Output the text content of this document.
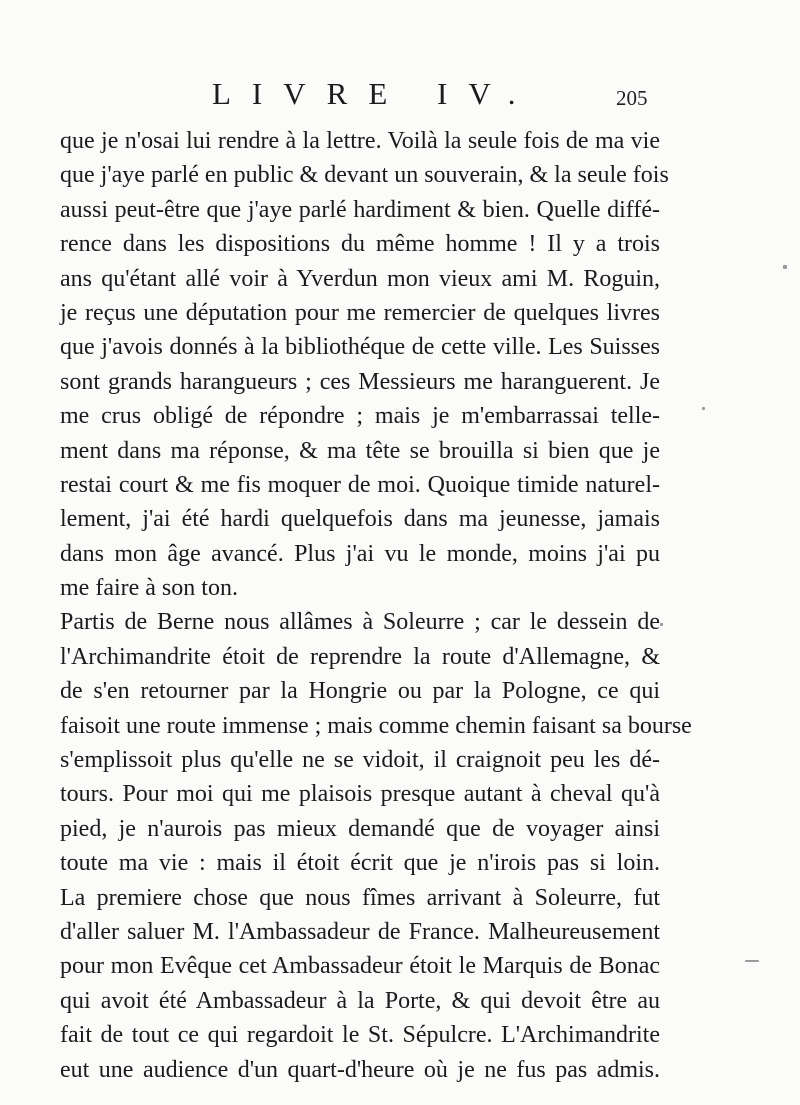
LIVRE IV.	205
que je n'osai lui rendre à la lettre. Voilà la seule fois de ma vie
que j'aye parlé en public & devant un souverain, & la seule fois
aussi peut-être que j'aye parlé hardiment & bien. Quelle diffé-
rence dans les dispositions du même homme ! Il y a trois
ans qu'étant allé voir à Yverdun mon vieux ami M. Roguin,
je reçus une députation pour me remercier de quelques livres
que j'avois donnés à la bibliothéque de cette ville. Les Suisses
sont grands harangueurs ; ces Messieurs me haranguerent. Je
me crus obligé de répondre ; mais je m'embarrassai telle-
ment dans ma réponse, & ma tête se brouilla si bien que je
restai court & me fis moquer de moi. Quoique timide naturel-
lement, j'ai été hardi quelquefois dans ma jeunesse, jamais
dans mon âge avancé. Plus j'ai vu le monde, moins j'ai pu
me faire à son ton.
Partis de Berne nous allâmes à Soleurre ; car le dessein de
l'Archimandrite étoit de reprendre la route d'Allemagne, &
de s'en retourner par la Hongrie ou par la Pologne, ce qui
faisoit une route immense ; mais comme chemin faisant sa bourse
s'emplissoit plus qu'elle ne se vidoit, il craignoit peu les dé-
tours. Pour moi qui me plaisois presque autant à cheval qu'à
pied, je n'aurois pas mieux demandé que de voyager ainsi
toute ma vie : mais il étoit écrit que je n'irois pas si loin.
La premiere chose que nous fîmes arrivant à Soleurre, fut
d'aller saluer M. l'Ambassadeur de France. Malheureusement
pour mon Evêque cet Ambassadeur étoit le Marquis de Bonac
qui avoit été Ambassadeur à la Porte, & qui devoit être au
fait de tout ce qui regardoit le St. Sépulcre. L'Archimandrite
eut une audience d'un quart-d'heure où je ne fus pas admis.
